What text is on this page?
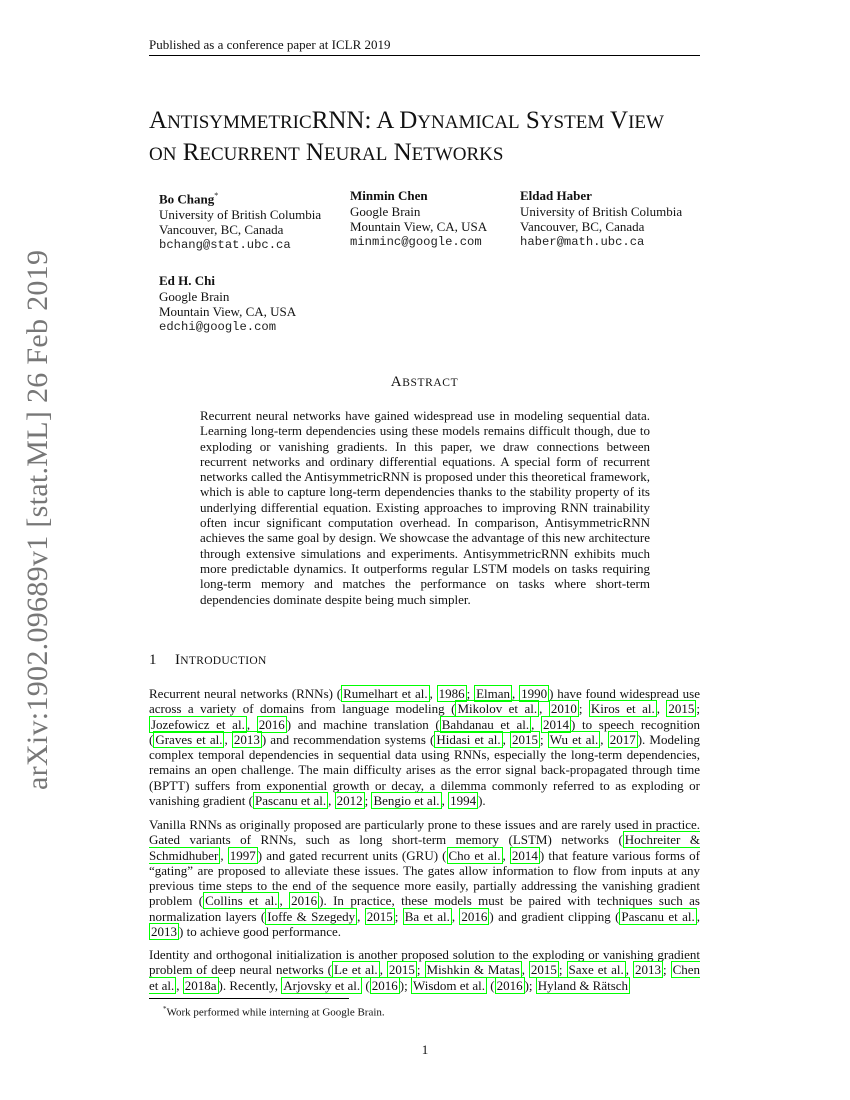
Published as a conference paper at ICLR 2019
ANTISYMMETRICRNN: A DYNAMICAL SYSTEM VIEW
ON RECURRENT NEURAL NETWORKS
Bo Chang*
University of British Columbia
Vancouver, BC, Canada
bchang@stat.ubc.ca
Minmin Chen
Google Brain
Mountain View, CA, USA
minminc@google.com
Eldad Haber
University of British Columbia
Vancouver, BC, Canada
haber@math.ubc.ca
Ed H. Chi
Google Brain
Mountain View, CA, USA
edchi@google.com
arXiv:1902.09689v1 [stat.ML] 26 Feb 2019	ABSTRACT
Recurrent neural networks have gained widespread use in modeling sequential data. Learning long-term dependencies using these models remains difficult though, due to exploding or vanishing gradients. In this paper, we draw connections between recurrent networks and ordinary differential equations. A special form of recurrent networks called the AntisymmetricRNN is proposed under this theoretical framework, which is able to capture long-term dependencies thanks to the stability property of its underlying differential equation. Existing approaches to improving RNN trainability often incur significant computation overhead. In comparison, AntisymmetricRNN achieves the same goal by design. We showcase the advantage of this new architecture through extensive simulations and experiments. AntisymmetricRNN exhibits much more predictable dynamics. It outperforms regular LSTM models on tasks requiring long-term memory and matches the performance on tasks where short-term dependencies dominate despite being much simpler.
1 INTRODUCTION
Recurrent neural networks (RNNs) ( Rumelhart et al. , 1986 ; Elman , 1990 ) have found widespread use across a variety of domains from language modeling ( Mikolov et al. , 2010 ; Kiros et al. , 2015 ; Jozefowicz et al. , 2016 ) and machine translation ( Bahdanau et al. , 2014 ) to speech recognition ( Graves et al. , 2013 ) and recommendation systems ( Hidasi et al. , 2015 ; Wu et al. , 2017 ). Modeling complex temporal dependencies in sequential data using RNNs, especially the long-term dependencies, remains an open challenge. The main difficulty arises as the error signal back-propagated through time (BPTT) suffers from exponential growth or decay, a dilemma commonly referred to as exploding or vanishing gradient ( Pascanu et al. , 2012 ; Bengio et al. , 1994 ).
Vanilla RNNs as originally proposed are particularly prone to these issues and are rarely used in practice. Gated variants of RNNs, such as long short-term memory (LSTM) networks ( Hochreiter & Schmidhuber , 1997 ) and gated recurrent units (GRU) ( Cho et al. , 2014 ) that feature various forms of “gating” are proposed to alleviate these issues. The gates allow information to flow from inputs at any previous time steps to the end of the sequence more easily, partially addressing the vanishing gradient problem ( Collins et al. , 2016 ). In practice, these models must be paired with techniques such as normalization layers ( Ioffe & Szegedy , 2015 ; Ba et al. , 2016 ) and gradient clipping ( Pascanu et al. , 2013 ) to achieve good performance.
Identity and orthogonal initialization is another proposed solution to the exploding or vanishing gradient problem of deep neural networks ( Le et al. , 2015 ; Mishkin & Matas , 2015 ; Saxe et al. , 2013 ; Chen et al. , 2018a ). Recently, Arjovsky et al. ( 2016 ); Wisdom et al. ( 2016 ); Hyland & Rätsch
*Work performed while interning at Google Brain.
1
